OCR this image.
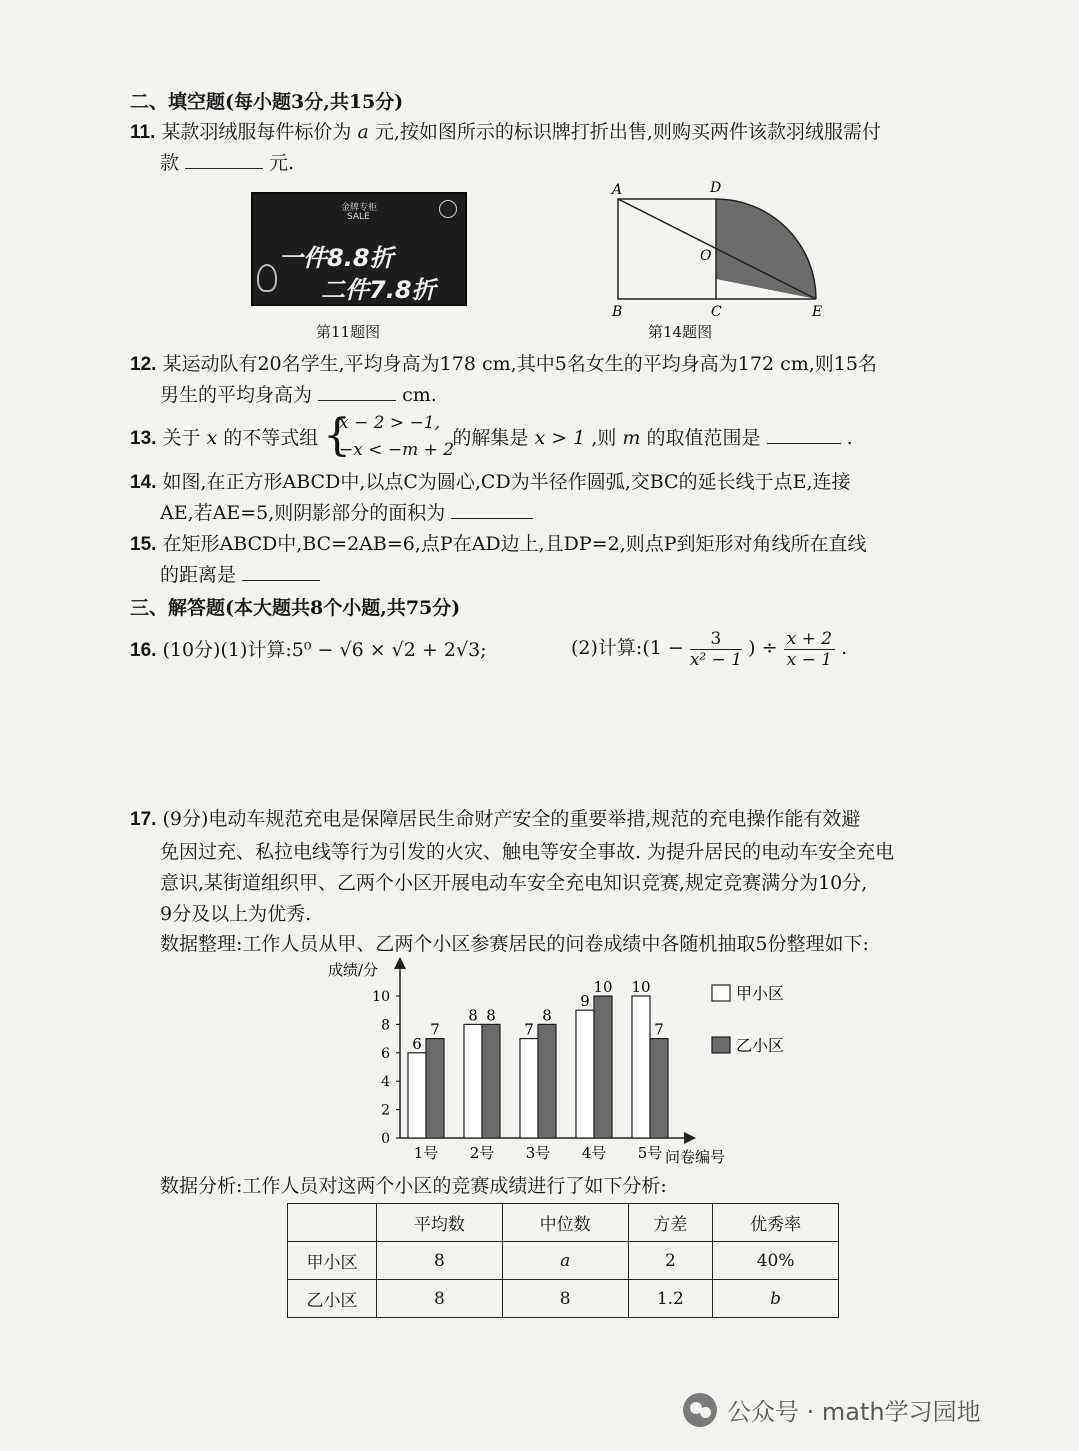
二、填空题(每小题3分,共15分)
11. 某款羽绒服每件标价为 a 元,按如图所示的标识牌打折出售,则购买两件该款羽绒服需付
款	元.
金牌专柜
SALE
一件8.8折
二件7.8折
第11题图
A	D
O
B	C	E
第14题图
12. 某运动队有20名学生,平均身高为178 cm,其中5名女生的平均身高为172 cm,则15名
男生的平均身高为	cm.
13. 关于 x 的不等式组	的解集是 x > 1 ,则 m 的取值范围是	.
{
x − 2 > −1,
−x < −m + 2
14. 如图,在正方形ABCD中,以点C为圆心,CD为半径作圆弧,交BC的延长线于点E,连接
AE,若AE=5,则阴影部分的面积为
15. 在矩形ABCD中,BC=2AB=6,点P在AD边上,且DP=2,则点P到矩形对角线所在直线
的距离是
三、解答题(本大题共8个小题,共75分)
16. (10分)(1)计算:5⁰ − √6 × √2 + 2√3;	(2)计算:(1 − $\frac{3}{\text{x² − 1}}$ ) ÷ $\frac{x + 2}{x - 1}$ .
17. (9分)电动车规范充电是保障居民生命财产安全的重要举措,规范的充电操作能有效避
免因过充、私拉电线等行为引发的火灾、触电等安全事故. 为提升居民的电动车安全充电
意识,某街道组织甲、乙两个小区开展电动车安全充电知识竞赛,规定竞赛满分为10分,
9分及以上为优秀.
数据整理:工作人员从甲、乙两个小区参赛居民的问卷成绩中各随机抽取5份整理如下:
成绩/分
问卷编号
0
2
4
6
8
10
6
7
1号
8 8
2号
7
8
3号
9
10
4号
10
7
5号
甲小区
乙小区
数据分析:工作人员对这两个小区的竞赛成绩进行了如下分析:
	平均数	中位数	方差	优秀率
甲小区	8	a	2	40%
乙小区	8	8	1.2	b
公众号 · math学习园地
